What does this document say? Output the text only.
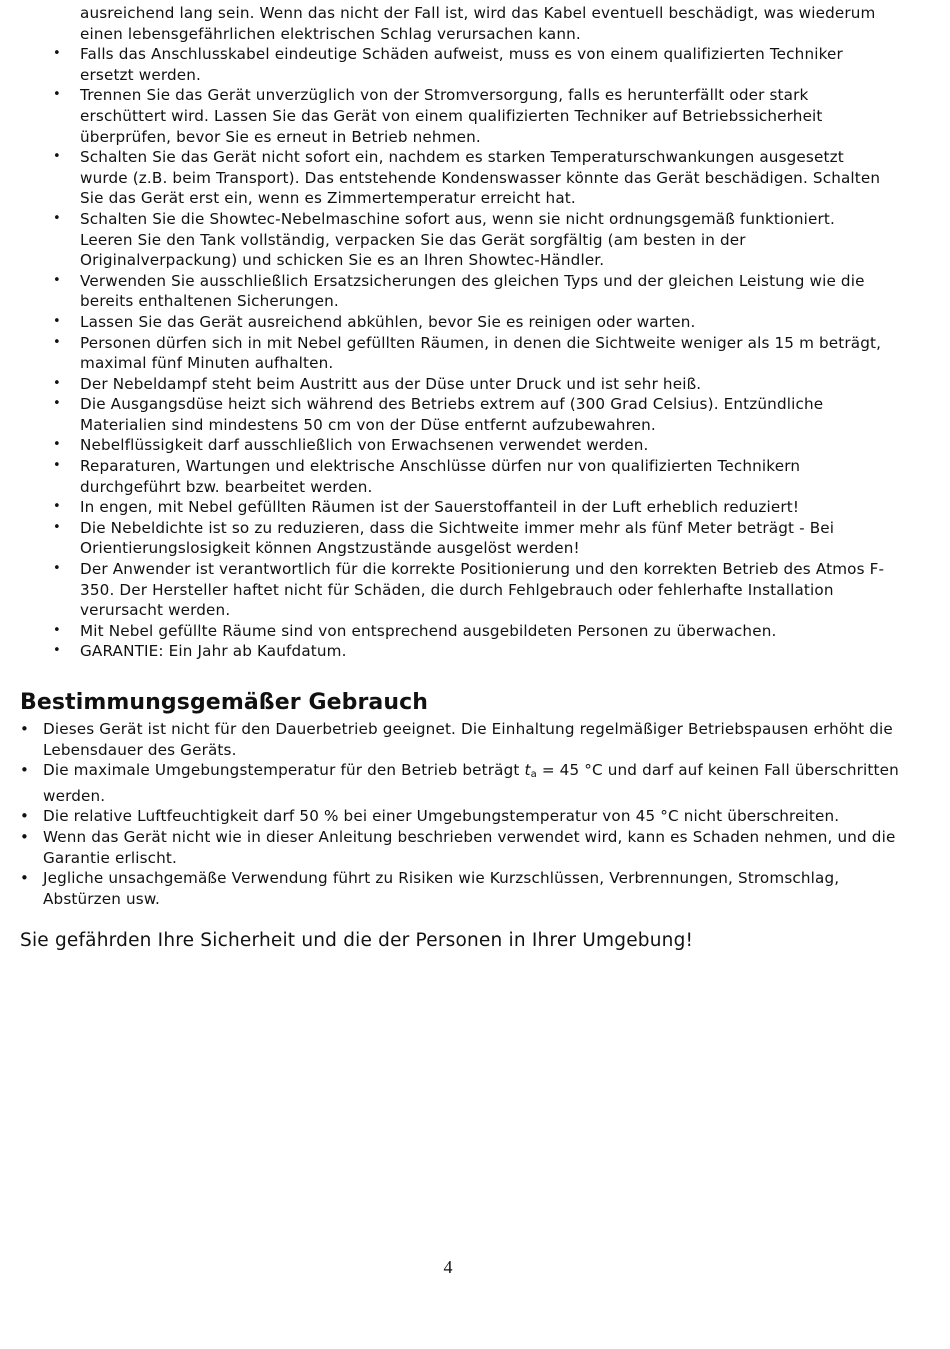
ausreichend lang sein. Wenn das nicht der Fall ist, wird das Kabel eventuell beschädigt, was wiederum einen lebensgefährlichen elektrischen Schlag verursachen kann.
• Falls das Anschlusskabel eindeutige Schäden aufweist, muss es von einem qualifizierten Techniker ersetzt werden.
• Trennen Sie das Gerät unverzüglich von der Stromversorgung, falls es herunterfällt oder stark erschüttert wird. Lassen Sie das Gerät von einem qualifizierten Techniker auf Betriebssicherheit überprüfen, bevor Sie es erneut in Betrieb nehmen.
• Schalten Sie das Gerät nicht sofort ein, nachdem es starken Temperaturschwankungen ausgesetzt wurde (z.B. beim Transport). Das entstehende Kondenswasser könnte das Gerät beschädigen. Schalten Sie das Gerät erst ein, wenn es Zimmertemperatur erreicht hat.
• Schalten Sie die Showtec-Nebelmaschine sofort aus, wenn sie nicht ordnungsgemäß funktioniert. Leeren Sie den Tank vollständig, verpacken Sie das Gerät sorgfältig (am besten in der Originalverpackung) und schicken Sie es an Ihren Showtec-Händler.
• Verwenden Sie ausschließlich Ersatzsicherungen des gleichen Typs und der gleichen Leistung wie die bereits enthaltenen Sicherungen.
• Lassen Sie das Gerät ausreichend abkühlen, bevor Sie es reinigen oder warten.
• Personen dürfen sich in mit Nebel gefüllten Räumen, in denen die Sichtweite weniger als 15 m beträgt, maximal fünf Minuten aufhalten.
• Der Nebeldampf steht beim Austritt aus der Düse unter Druck und ist sehr heiß.
• Die Ausgangsdüse heizt sich während des Betriebs extrem auf (300 Grad Celsius). Entzündliche Materialien sind mindestens 50 cm von der Düse entfernt aufzubewahren.
• Nebelflüssigkeit darf ausschließlich von Erwachsenen verwendet werden.
• Reparaturen, Wartungen und elektrische Anschlüsse dürfen nur von qualifizierten Technikern durchgeführt bzw. bearbeitet werden.
• In engen, mit Nebel gefüllten Räumen ist der Sauerstoffanteil in der Luft erheblich reduziert!
• Die Nebeldichte ist so zu reduzieren, dass die Sichtweite immer mehr als fünf Meter beträgt - Bei Orientierungslosigkeit können Angstzustände ausgelöst werden!
• Der Anwender ist verantwortlich für die korrekte Positionierung und den korrekten Betrieb des Atmos F-350. Der Hersteller haftet nicht für Schäden, die durch Fehlgebrauch oder fehlerhafte Installation verursacht werden.
• Mit Nebel gefüllte Räume sind von entsprechend ausgebildeten Personen zu überwachen.
• GARANTIE: Ein Jahr ab Kaufdatum.
Bestimmungsgemäßer Gebrauch
• Dieses Gerät ist nicht für den Dauerbetrieb geeignet. Die Einhaltung regelmäßiger Betriebspausen erhöht die Lebensdauer des Geräts.
• Die maximale Umgebungstemperatur für den Betrieb beträgt $t_a = 45$ °C und darf auf keinen Fall überschritten werden.
• Die relative Luftfeuchtigkeit darf 50 % bei einer Umgebungstemperatur von 45 °C nicht überschreiten.
• Wenn das Gerät nicht wie in dieser Anleitung beschrieben verwendet wird, kann es Schaden nehmen, und die Garantie erlischt.
• Jegliche unsachgemäße Verwendung führt zu Risiken wie Kurzschlüssen, Verbrennungen, Stromschlag, Abstürzen usw.
Sie gefährden Ihre Sicherheit und die der Personen in Ihrer Umgebung!
4
